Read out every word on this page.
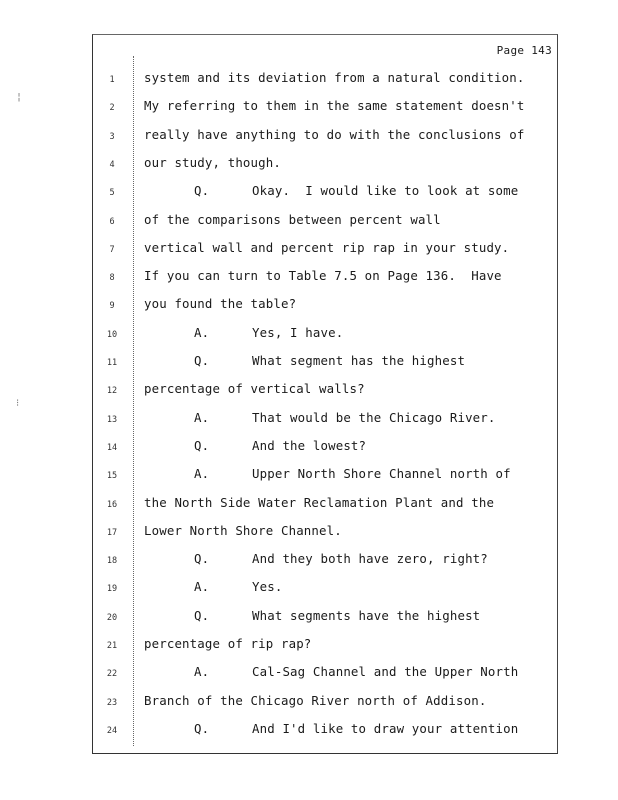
¦
⁝
Page 143
1	system and its deviation from a natural condition.
2	My referring to them in the same statement doesn't
3	really have anything to do with the conclusions of
4	our study, though.
5	Q.	Okay.  I would like to look at some
6	of the comparisons between percent wall
7	vertical wall and percent rip rap in your study.
8	If you can turn to Table 7.5 on Page 136.  Have
9	you found the table?
10	A.	Yes, I have.
11	Q.	What segment has the highest
12	percentage of vertical walls?
13	A.	That would be the Chicago River.
14	Q.	And the lowest?
15	A.	Upper North Shore Channel north of
16	the North Side Water Reclamation Plant and the
17	Lower North Shore Channel.
18	Q.	And they both have zero, right?
19	A.	Yes.
20	Q.	What segments have the highest
21	percentage of rip rap?
22	A.	Cal-Sag Channel and the Upper North
23	Branch of the Chicago River north of Addison.
24	Q.	And I'd like to draw your attention
